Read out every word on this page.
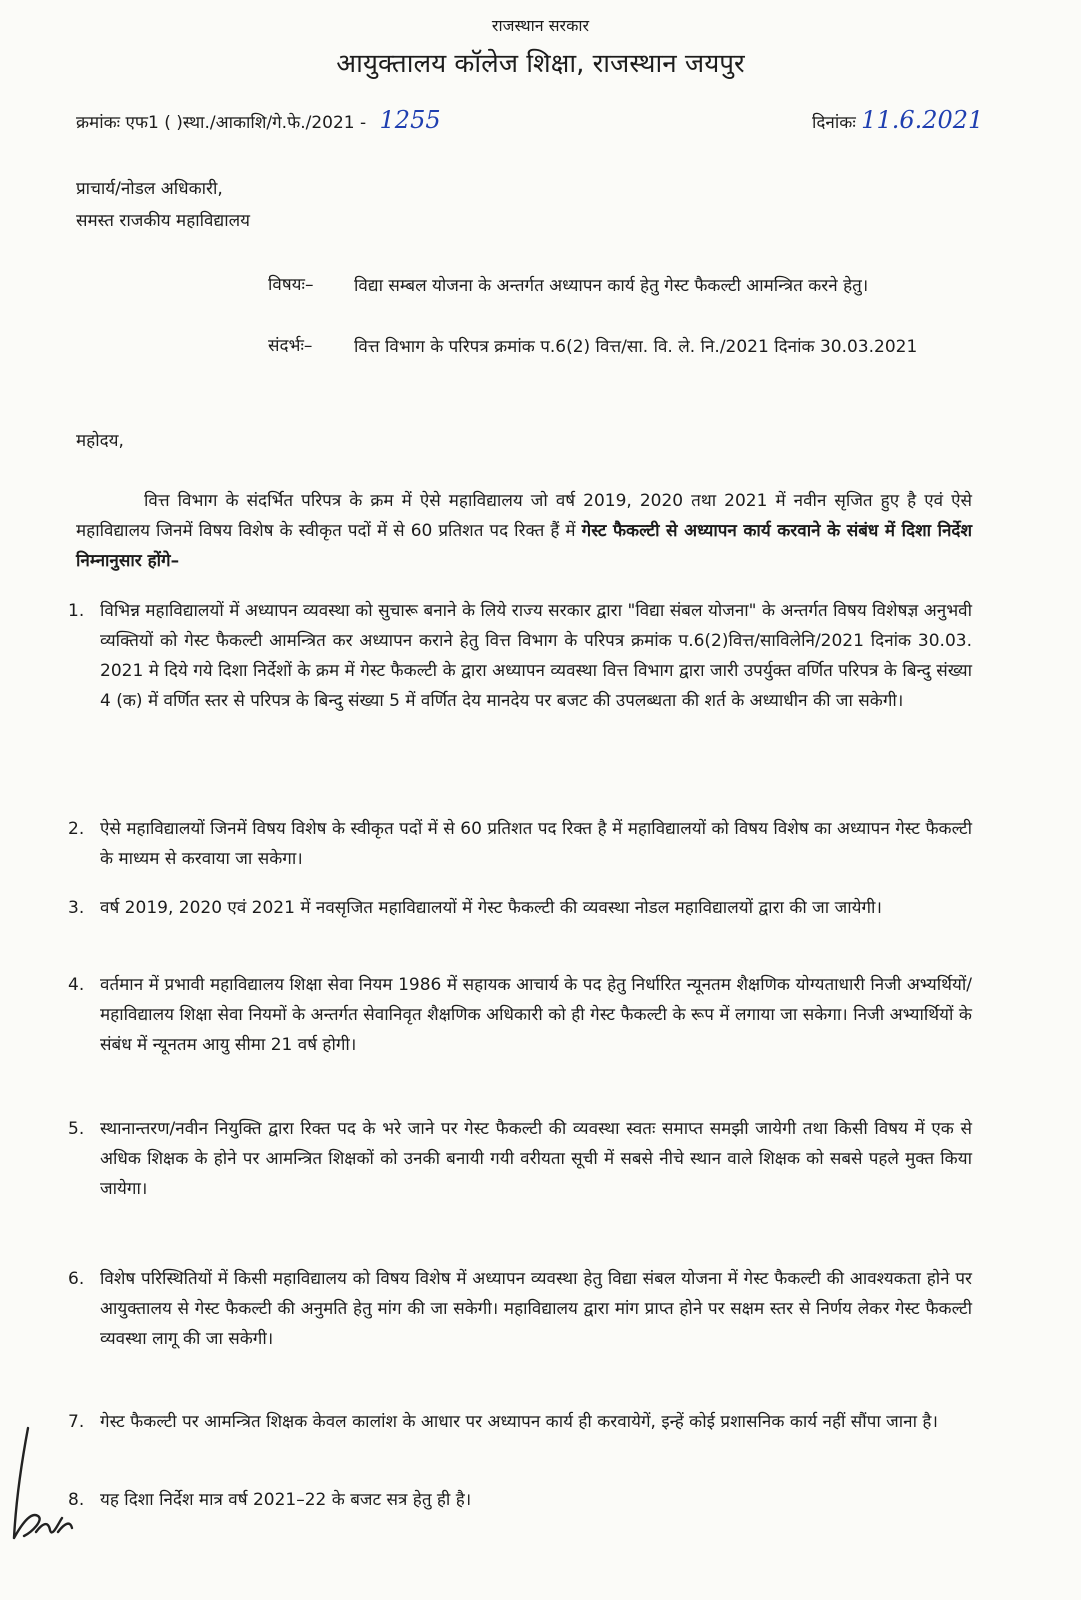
राजस्थान सरकार
आयुक्तालय कॉलेज शिक्षा, राजस्थान जयपुर
क्रमांकः एफ1 ( )स्था./आकाशि/गे.फे./2021 - 1255	दिनांकः 11.6.2021
प्राचार्य/नोडल अधिकारी,
समस्त राजकीय महाविद्यालय
विषयः–	विद्या सम्बल योजना के अन्तर्गत अध्यापन कार्य हेतु गेस्ट फैकल्टी आमन्त्रित करने हेतु।
संदर्भः–	वित्त विभाग के परिपत्र क्रमांक प.6(2) वित्त/सा. वि. ले. नि./2021 दिनांक 30.03.2021
महोदय,
वित्त विभाग के संदर्भित परिपत्र के क्रम में ऐसे महाविद्यालय जो वर्ष 2019, 2020 तथा 2021 में नवीन सृजित हुए है एवं ऐसे महाविद्यालय जिनमें विषय विशेष के स्वीकृत पदों में से 60 प्रतिशत पद रिक्त हैं में गेस्ट फैकल्टी से अध्यापन कार्य करवाने के संबंध में दिशा निर्देश निम्नानुसार होंगे–
1. विभिन्न महाविद्यालयों में अध्यापन व्यवस्था को सुचारू बनाने के लिये राज्य सरकार द्वारा "विद्या संबल योजना" के अन्तर्गत विषय विशेषज्ञ अनुभवी व्यक्तियों को गेस्ट फैकल्टी आमन्त्रित कर अध्यापन कराने हेतु वित्त विभाग के परिपत्र क्रमांक प.6(2)वित्त/साविलेनि/2021 दिनांक 30.03. 2021 मे दिये गये दिशा निर्देशों के क्रम में गेस्ट फैकल्टी के द्वारा अध्यापन व्यवस्था वित्त विभाग द्वारा जारी उपर्युक्त वर्णित परिपत्र के बिन्दु संख्या 4 (क) में वर्णित स्तर से परिपत्र के बिन्दु संख्या 5 में वर्णित देय मानदेय पर बजट की उपलब्धता की शर्त के अध्याधीन की जा सकेगी।
2. ऐसे महाविद्यालयों जिनमें विषय विशेष के स्वीकृत पदों में से 60 प्रतिशत पद रिक्त है में महाविद्यालयों को विषय विशेष का अध्यापन गेस्ट फैकल्टी के माध्यम से करवाया जा सकेगा।
3. वर्ष 2019, 2020 एवं 2021 में नवसृजित महाविद्यालयों में गेस्ट फैकल्टी की व्यवस्था नोडल महाविद्यालयों द्वारा की जा जायेगी।
4. वर्तमान में प्रभावी महाविद्यालय शिक्षा सेवा नियम 1986 में सहायक आचार्य के पद हेतु निर्धारित न्यूनतम शैक्षणिक योग्यताधारी निजी अभ्यर्थियों/महाविद्यालय शिक्षा सेवा नियमों के अन्तर्गत सेवानिवृत शैक्षणिक अधिकारी को ही गेस्ट फैकल्टी के रूप में लगाया जा सकेगा। निजी अभ्यार्थियों के संबंध में न्यूनतम आयु सीमा 21 वर्ष होगी।
5. स्थानान्तरण/नवीन नियुक्ति द्वारा रिक्त पद के भरे जाने पर गेस्ट फैकल्टी की व्यवस्था स्वतः समाप्त समझी जायेगी तथा किसी विषय में एक से अधिक शिक्षक के होने पर आमन्त्रित शिक्षकों को उनकी बनायी गयी वरीयता सूची में सबसे नीचे स्थान वाले शिक्षक को सबसे पहले मुक्त किया जायेगा।
6. विशेष परिस्थितियों में किसी महाविद्यालय को विषय विशेष में अध्यापन व्यवस्था हेतु विद्या संबल योजना में गेस्ट फैकल्टी की आवश्यकता होने पर आयुक्तालय से गेस्ट फैकल्टी की अनुमति हेतु मांग की जा सकेगी। महाविद्यालय द्वारा मांग प्राप्त होने पर सक्षम स्तर से निर्णय लेकर गेस्ट फैकल्टी व्यवस्था लागू की जा सकेगी।
7. गेस्ट फैकल्टी पर आमन्त्रित शिक्षक केवल कालांश के आधार पर अध्यापन कार्य ही करवायेगें, इन्हें कोई प्रशासनिक कार्य नहीं सौंपा जाना है।
8. यह दिशा निर्देश मात्र वर्ष 2021–22 के बजट सत्र हेतु ही है।
